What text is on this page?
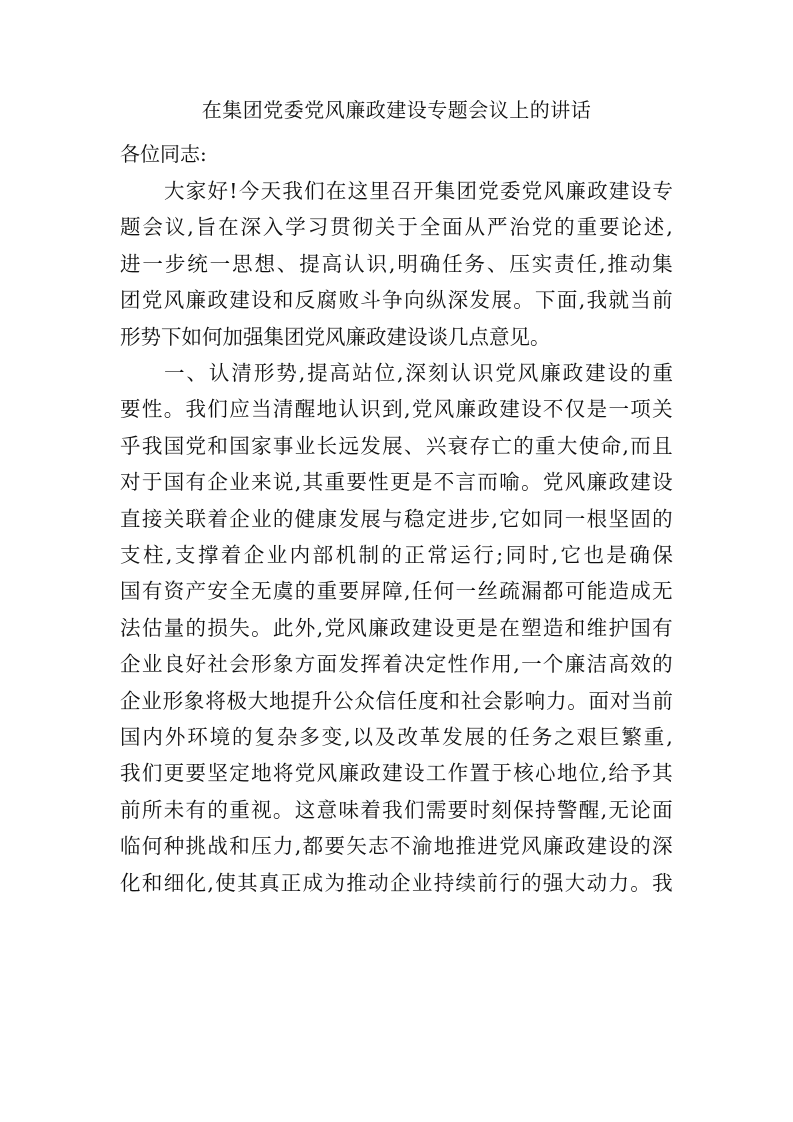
在集团党委党风廉政建设专题会议上的讲话
各位同志:
大 家 好 ! 今 天 我 们 在 这 里 召 开 集 团 党 委 党 风 廉 政 建 设 专
题 会 议 , 旨 在 深 入 学 习 贯 彻 关 于 全 面 从 严 治 党 的 重 要 论 述 ,
进 一 步 统 一 思 想 、 提 高 认 识 , 明 确 任 务 、 压 实 责 任 , 推 动 集
团 党 风 廉 政 建 设 和 反 腐 败 斗 争 向 纵 深 发 展 。 下 面 , 我 就 当 前
形 势 下 如 何 加 强 集 团 党 风 廉 政 建 设 谈 几 点 意 见 。
一 、 认 清 形 势 , 提 高 站 位 , 深 刻 认 识 党 风 廉 政 建 设 的 重
要 性 。 我 们 应 当 清 醒 地 认 识 到 , 党 风 廉 政 建 设 不 仅 是 一 项 关
乎 我 国 党 和 国 家 事 业 长 远 发 展 、 兴 衰 存 亡 的 重 大 使 命 , 而 且
对 于 国 有 企 业 来 说 , 其 重 要 性 更 是 不 言 而 喻 。 党 风 廉 政 建 设
直 接 关 联 着 企 业 的 健 康 发 展 与 稳 定 进 步 , 它 如 同 一 根 坚 固 的
支 柱 , 支 撑 着 企 业 内 部 机 制 的 正 常 运 行 ; 同 时 , 它 也 是 确 保
国 有 资 产 安 全 无 虞 的 重 要 屏 障 , 任 何 一 丝 疏 漏 都 可 能 造 成 无
法 估 量 的 损 失 。 此 外 , 党 风 廉 政 建 设 更 是 在 塑 造 和 维 护 国 有
企 业 良 好 社 会 形 象 方 面 发 挥 着 决 定 性 作 用 , 一 个 廉 洁 高 效 的
企 业 形 象 将 极 大 地 提 升 公 众 信 任 度 和 社 会 影 响 力 。 面 对 当 前
国 内 外 环 境 的 复 杂 多 变 , 以 及 改 革 发 展 的 任 务 之 艰 巨 繁 重 ,
我 们 更 要 坚 定 地 将 党 风 廉 政 建 设 工 作 置 于 核 心 地 位 , 给 予 其
前 所 未 有 的 重 视 。 这 意 味 着 我 们 需 要 时 刻 保 持 警 醒 , 无 论 面
临 何 种 挑 战 和 压 力 , 都 要 矢 志 不 渝 地 推 进 党 风 廉 政 建 设 的 深
化 和 细 化 , 使 其 真 正 成 为 推 动 企 业 持 续 前 行 的 强 大 动 力 。 我
